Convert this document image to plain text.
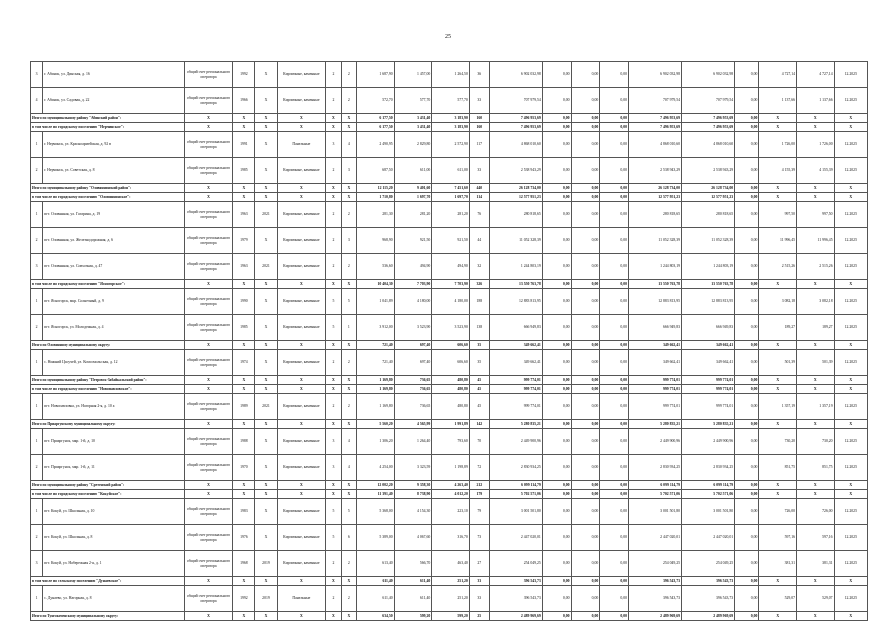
25
3	г. Абинск, ул. Динская, д. 16	общий счет регионального оператора	1992	Х	Кирпичные, каменные	2	2	1 687,90	1 457,00	1 264,50	36	6 902 032,98	0,00	0,00	0,00	6 902 032,98	6 902 032,98	0,00	4 727,14	4 727,14	12.2025
4	г. Абинск, ул. Садовая, д. 22	общий счет регионального оператора	1966	Х	Кирпичные, каменные	2	2	572,70	577,70	577,70	33	707 979,54	0,00	0,00	0,00	707 979,54	707 979,54	0,00	1 137,66	1 137,66	12.2025
Итого по муниципальному району "Абинский район":		Х	Х	Х	Х	Х	Х	6 177,50	3 431,40	3 183,90	160	7 496 953,69	0,00	0,00	0,00	7 496 953,69	7 496 953,69	0,00	Х	Х	Х
в том числе по городскому поселению "Нерчинское":		Х	Х	Х	Х	Х	Х	6 177,50	3 431,40	3 183,90	160	7 496 953,69	0,00	0,00	0,00	7 496 953,69	7 496 953,69	0,00	Х	Х	Х
1	г. Нерчинск, ул. Красноармейская, д. 92 в	общий счет регионального оператора	1991	Х	Панельные	3	4	2 490,95	2 829,80	2 572,90	117	4 868 010,60	0,00	0,00	0,00	4 868 010,60	4 868 010,60	0,00	1 726,00	1 726,00	12.2025
2	г. Нерчинск, ул. Советская, д. 8	общий счет регионального оператора	1985	Х	Кирпичные, каменные	2	3	687,50	611,00	611,00	33	2 538 943,29	0,00	0,00	0,00	2 538 943,29	2 538 943,29	0,00	4 155,39	4 155,39	12.2025
Итого по муниципальному району "Оловяннинский район":		Х	Х	Х	Х	Х	Х	12 115,20	9 401,60	7 451,60	440	26 128 734,00	0,00	0,00	0,00	26 128 734,00	26 128 734,00	0,00	Х	Х	Х
в том числе по городскому поселению "Оловяннинское":		Х	Х	Х	Х	Х	Х	1 710,80	1 697,70	1 697,70	114	12 577 951,23	0,00	0,00	0,00	12 577 951,23	12 577 951,23	0,00	Х	Х	Х
1	пгт. Оловянная, ул. Гагарина, д. 19	общий счет регионального оператора	1963	2021	Кирпичные, каменные	2	2	281,30	281,20	281,20	76	280 818,65	0,00	0,00	0,00	280 818,65	280 818,65	0,00	997,50	997,50	12.2025
2	пгт. Оловянная, ул. Железнодорожная, д. 6	общий счет регионального оператора	1979	Х	Кирпичные, каменные	2	3	968,90	921,50	921,50	44	11 052 328,39	0,00	0,00	0,00	11 052 328,39	11 052 328,39	0,00	11 996,45	11 996,45	12.2025
3	пгт. Оловянная, ул. Совхозная, д. 47	общий счет регионального оператора	1963	2021	Кирпичные, каменные	2	2	536,60	494,90	494,90	32	1 244 803,19	0,00	0,00	0,00	1 244 803,19	1 244 803,19	0,00	2 515,26	2 515,26	12.2025
в том числе по городскому поселению "Ясногорское":		Х	Х	Х	Х	Х	Х	10 404,30	7 703,90	7 703,90	326	13 550 763,78	0,00	0,00	0,00	13 550 763,78	13 550 763,78	0,00	Х	Х	Х
1	пгт. Ясногорск, мкр. Солнечный, д. 9	общий счет регионального оператора	1990	Х	Кирпичные, каменные	5	5	1 041,89	4 180,00	4 180,00	188	12 883 813,95	0,00	0,00	0,00	12 883 813,95	12 883 813,95	0,00	3 082,18	3 082,18	12.2025
2	пгт. Ясногорск, ул. Молодежная, д. 4	общий счет регионального оператора	1985	Х	Кирпичные, каменные	5	1	3 912,00	3 523,90	3 523,90	138	666 949,83	0,00	0,00	0,00	666 949,83	666 949,83	0,00	189,27	189,27	12.2025
Итого по Оловянному муниципальному округу:		Х	Х	Х	Х	Х	Х	721,40	697,40	606,60	35	349 662,41	0,00	0,00	0,00	349 662,41	349 662,41	0,00	Х	Х	Х
1	с. Нижний Цасучей, ул. Комсомольская, д. 12	общий счет регионального оператора	1974	Х	Кирпичные, каменные	2	2	721,40	697,40	606,60	35	349 662,41	0,00	0,00	0,00	349 662,41	349 662,41	0,00	501,39	501,39	12.2025
Итого по муниципальному району "Петровск-Забайкальский район":		Х	Х	Х	Х	Х	Х	1 169,80	736,65	480,80	45	999 774,01	0,00	0,00	0,00	999 774,01	999 774,01	0,00	Х	Х	Х
в том числе по городскому поселению "Новопавловское":		Х	Х	Х	Х	Х	Х	1 169,80	736,65	480,80	45	999 774,01	0,00	0,00	0,00	999 774,01	999 774,01	0,00	Х	Х	Х
1	пгт. Новопавловка, ул. Нагорная 2-я, д. 10 а	общий счет регионального оператора	1989	2021	Кирпичные, каменные	2	2	1 169,80	736,65	480,80	45	999 774,01	0,00	0,00	0,00	999 774,01	999 774,01	0,00	1 357,19	1 357,19	12.2025
Итого по Приаргунскому муниципальному округу:		Х	Х	Х	Х	Х	Х	5 560,20	4 565,99	1 991,89	142	5 280 835,21	0,00	0,00	0,00	5 280 835,21	5 280 835,21	0,00	Х	Х	Х
1	пгт. Приаргунск, мкр. 1-й, д. 10	общий счет регионального оператора	1988	Х	Кирпичные, каменные	3	4	1 306,20	1 264,40	793,60	70	2 449 900,96	0,00	0,00	0,00	2 449 900,96	2 449 900,96	0,00	730,20	730,20	12.2025
2	пгт. Приаргунск, мкр. 1-й, д. 11	общий счет регионального оператора	1970	Х	Кирпичные, каменные	3	4	4 254,00	3 323,59	1 198,89	72	2 830 934,25	0,00	0,00	0,00	2 830 934,25	2 830 934,25	0,00	851,75	851,75	12.2025
Итого по муниципальному району "Сретенский район":		Х	Х	Х	Х	Х	Х	12 002,20	9 358,30	4 263,40	212	6 099 114,79	0,00	0,00	0,00	6 099 114,79	6 099 114,79	0,00	Х	Х	Х
в том числе по городскому поселению "Кокуйское":		Х	Х	Х	Х	Х	Х	11 391,40	8 738,90	4 012,20	179	5 702 571,06	0,00	0,00	0,00	5 702 571,06	5 702 571,06	0,00	Х	Х	Х
1	пгт. Кокуй, ул. Школьная, д. 10	общий счет регионального оператора	1983	Х	Кирпичные, каменные	5	5	5 368,00	4 154,30	223,10	79	3 001 501,80	0,00	0,00	0,00	3 001 501,80	3 001 501,80	0,00	726,00	726,00	12.2025
2	пгт. Кокуй, ул. Школьная, д. 8	общий счет регионального оператора	1976	Х	Кирпичные, каменные	5	6	5 389,00	4 067,60	316,70	73	2 447 020,01	0,00	0,00	0,00	2 447 020,01	2 447 020,01	0,00	597,16	597,16	12.2025
3	пгт. Кокуй, ул. Набережная 2-я, д. 1	общий счет регионального оператора	1968	2019	Кирпичные, каменные	2	2	613,40	566,70	463,40	27	254 049,25	0,00	0,00	0,00	254 049,25	254 049,25	0,00	381,31	381,31	12.2025
в том числе по сельскому поселению "Дунаевское":		Х	Х	Х	Х	Х	Х	611,40	611,40	251,20	33	396 543,73	0,00	0,00	0,00	396 543,73	396 543,73	0,00	Х	Х	Х
1	с. Дунаево, ул. Нагорная, д. 8	общий счет регионального оператора	1992	2019	Панельные	2	2	611,40	611,40	251,20	33	396 543,73	0,00	0,00	0,00	396 543,73	396 543,73	0,00	529,07	529,07	12.2025
Итого по Тунгокоченскому муниципальному округу:		Х	Х	Х	Х	Х	Х	634,50	599,20	599,20	25	2 489 969,69	0,00	0,00	0,00	2 489 969,69	2 489 969,69	0,00	Х	Х	Х
